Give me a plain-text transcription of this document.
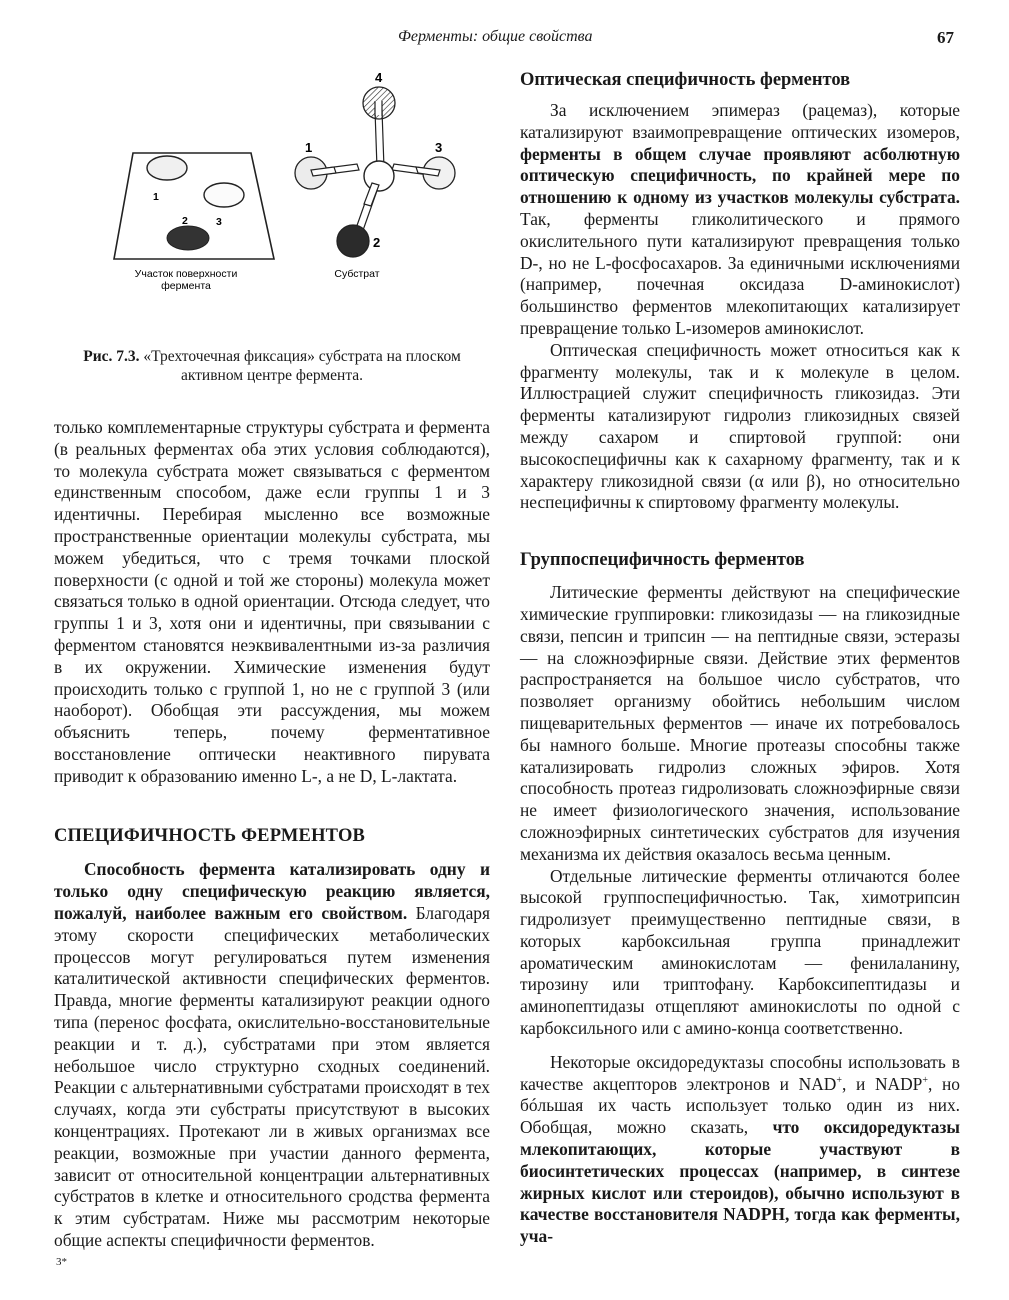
Ферменты: общие свойства	67
1
2	3
Участок поверхности
фермента
4
1	3
2
Субстрат
Рис. 7.3. «Трехточечная фиксация» субстрата на плоском активном центре фермента.

только комплементарные структуры субстрата и фермента (в реальных ферментах оба этих условия соблюдаются), то молекула субстрата может связываться с ферментом единственным способом, даже если группы 1 и 3 идентичны. Перебирая мысленно все возможные пространственные ориентации молекулы субстрата, мы можем убедиться, что с тремя точками плоской поверхности (с одной и той же стороны) молекула может связаться только в одной ориентации. Отсюда следует, что группы 1 и 3, хотя они и идентичны, при связывании с ферментом становятся неэквивалентными из-за различия в их окружении. Химические изменения будут происходить только с группой 1, но не с группой 3 (или наоборот). Обобщая эти рассуждения, мы можем объяснить теперь, почему ферментативное восстановление оптически неактивного пирувата приводит к образованию именно L-, а не D, L-лактата.

СПЕЦИФИЧНОСТЬ ФЕРМЕНТОВ

Способность фермента катализировать одну и только одну специфическую реакцию является, пожалуй, наиболее важным его свойством. Благодаря этому скорости специфических метаболических процессов могут регулироваться путем изменения каталитической активности специфических ферментов. Правда, многие ферменты катализируют реакции одного типа (перенос фосфата, окислительно-восстановительные реакции и т. д.), субстратами при этом является небольшое число структурно сходных соединений. Реакции с альтернативными субстратами происходят в тех случаях, когда эти субстраты присутствуют в высоких концентрациях. Протекают ли в живых организмах все реакции, возможные при участии данного фермента, зависит от относительной концентрации альтернативных субстратов в клетке и относительного сродства фермента к этим субстратам. Ниже мы рассмотрим некоторые общие аспекты специфичности ферментов.

3*
Оптическая специфичность ферментов

За исключением эпимераз (рацемаз), которые катализируют взаимопревращение оптических изомеров, ферменты в общем случае проявляют асболютную оптическую специфичность, по крайней мере по отношению к одному из участков молекулы субстрата. Так, ферменты гликолитического и прямого окислительного пути катализируют превращения только D-, но не L-фосфосахаров. За единичными исключениями (например, почечная оксидаза D-аминокислот) большинство ферментов млекопитающих катализирует превращение только L-изомеров аминокислот.

Оптическая специфичность может относиться как к фрагменту молекулы, так и к молекуле в целом. Иллюстрацией служит специфичность гликозидаз. Эти ферменты катализируют гидролиз гликозидных связей между сахаром и спиртовой группой: они высокоспецифичны как к сахарному фрагменту, так и к характеру гликозидной связи (α или β), но относительно неспецифичны к спиртовому фрагменту молекулы.

Группоспецифичность ферментов

Литические ферменты действуют на специфические химические группировки: гликозидазы — на гликозидные связи, пепсин и трипсин — на пептидные связи, эстеразы — на сложноэфирные связи. Действие этих ферментов распространяется на большое число субстратов, что позволяет организму обойтись небольшим числом пищеварительных ферментов — иначе их потребовалось бы намного больше. Многие протеазы способны также катализировать гидролиз сложных эфиров. Хотя способность протеаз гидролизовать сложноэфирные связи не имеет физиологического значения, использование сложноэфирных синтетических субстратов для изучения механизма их действия оказалось весьма ценным.

Отдельные литические ферменты отличаются более высокой группоспецифичностью. Так, химотрипсин гидролизует преимущественно пептидные связи, в которых карбоксильная группа принадлежит ароматическим аминокислотам — фенилаланину, тирозину или триптофану. Карбоксипептидазы и аминопептидазы отщепляют аминокислоты по одной с карбоксильного или с амино-конца соответственно.

Некоторые оксидоредуктазы способны использовать в качестве акцепторов электронов и NAD+, и NADP+, но бóльшая их часть использует только один из них. Обобщая, можно сказать, что оксидоредуктазы млекопитающих, которые участвуют в биосинтетических процессах (например, в синтезе жирных кислот или стероидов), обычно используют в качестве восстановителя NADPH, тогда как ферменты, уча-
